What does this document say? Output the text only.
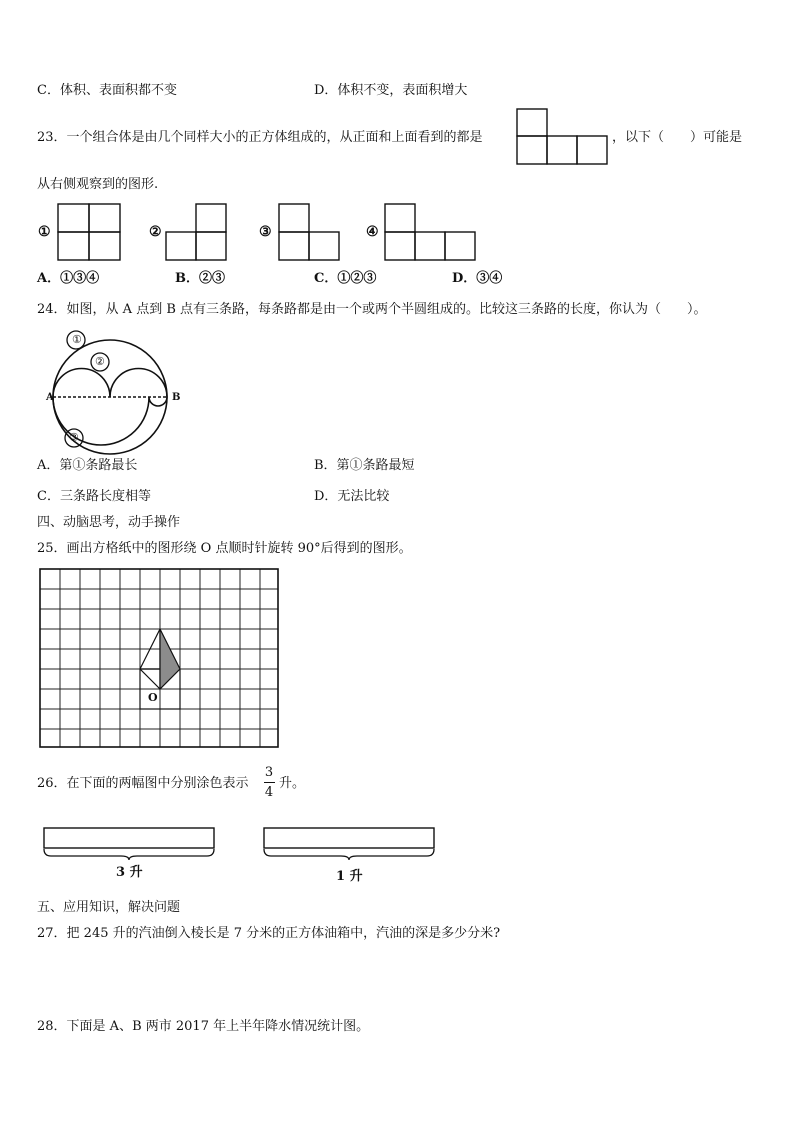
C．体积、表面积都不变	D．体积不变，表面积增大
23．一个组合体是由几个同样大小的正方体组成的，从正面和上面看到的都是	，以下（　　）可能是
从右侧观察到的图形.
①	②	③	④
A．①③④	B．②③	C．①②③	D．③④
24．如图，从 A 点到 B 点有三条路，每条路都是由一个或两个半圆组成的。比较这三条路的长度，你认为（　　）。
A	B
①
②
③
A．第①条路最长	B．第①条路最短
C．三条路长度相等	D．无法比较
四、动脑思考，动手操作
25．画出方格纸中的图形绕 O 点顺时针旋转 90°后得到的图形。
O
26．在下面的两幅图中分别涂色表示
3
4
升。
3 升	1 升
五、应用知识，解决问题
27．把 245 升的汽油倒入棱长是 7 分米的正方体油箱中，汽油的深是多少分米?
28．下面是 A、B 两市 2017 年上半年降水情况统计图。
